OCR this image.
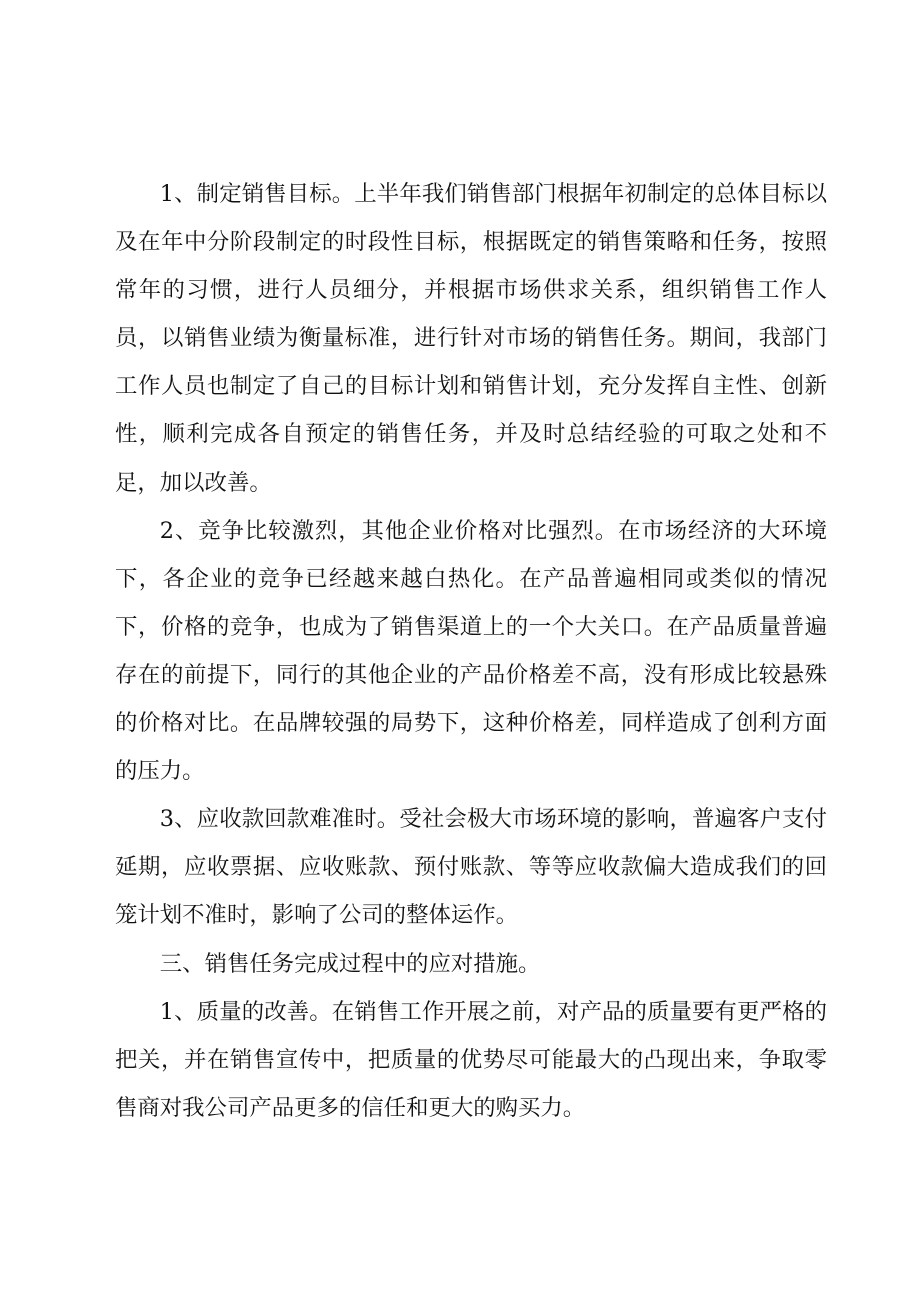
1、制定销售目标。上半年我们销售部门根据年初制定的总体目标以及在年中分阶段制定的时段性目标，根据既定的销售策略和任务，按照常年的习惯，进行人员细分，并根据市场供求关系，组织销售工作人员，以销售业绩为衡量标准，进行针对市场的销售任务。期间，我部门工作人员也制定了自己的目标计划和销售计划，充分发挥自主性、创新性，顺利完成各自预定的销售任务，并及时总结经验的可取之处和不足，加以改善。

2、竞争比较激烈，其他企业价格对比强烈。在市场经济的大环境下，各企业的竞争已经越来越白热化。在产品普遍相同或类似的情况下，价格的竞争，也成为了销售渠道上的一个大关口。在产品质量普遍存在的前提下，同行的其他企业的产品价格差不高，没有形成比较悬殊的价格对比。在品牌较强的局势下，这种价格差，同样造成了创利方面的压力。

3、应收款回款难准时。受社会极大市场环境的影响，普遍客户支付延期，应收票据、应收账款、预付账款、等等应收款偏大造成我们的回笼计划不准时，影响了公司的整体运作。

三、销售任务完成过程中的应对措施。

1、质量的改善。在销售工作开展之前，对产品的质量要有更严格的把关，并在销售宣传中，把质量的优势尽可能最大的凸现出来，争取零售商对我公司产品更多的信任和更大的购买力。
